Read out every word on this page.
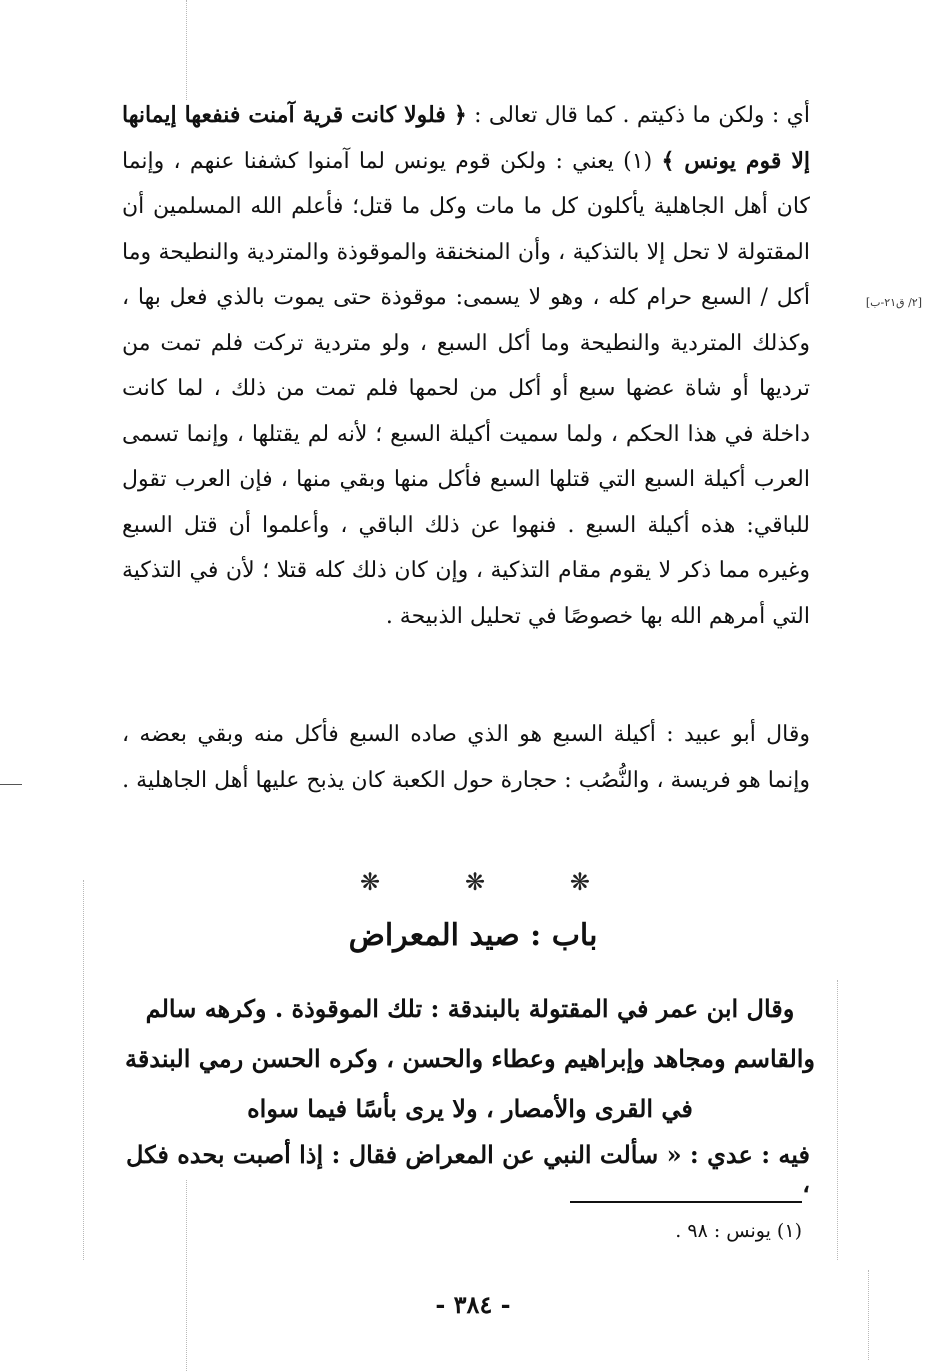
أي : ولكن ما ذكيتم . كما قال تعالى : ﴿ فلولا كانت قرية آمنت فنفعها إيمانها إلا قوم يونس ﴾ (١) يعني : ولكن قوم يونس لما آمنوا كشفنا عنهم ، وإنما كان أهل الجاهلية يأكلون كل ما مات وكل ما قتل؛ فأعلم الله المسلمين أن المقتولة لا تحل إلا بالتذكية ، وأن المنخنقة والموقوذة والمتردية والنطيحة وما أكل / السبع حرام كله ، وهو لا يسمى: موقوذة حتى يموت بالذي فعل بها ، وكذلك المتردية والنطيحة وما أكل السبع ، ولو متردية تركت فلم تمت من ترديها أو شاة عضها سبع أو أكل من لحمها فلم تمت من ذلك ، لما كانت داخلة في هذا الحكم ، ولما سميت أكيلة السبع ؛ لأنه لم يقتلها ، وإنما تسمى العرب أكيلة السبع التي قتلها السبع فأكل منها وبقي منها ، فإن العرب تقول للباقي: هذه أكيلة السبع . فنهوا عن ذلك الباقي ، وأعلموا أن قتل السبع وغيره مما ذكر لا يقوم مقام التذكية ، وإن كان ذلك كله قتلا ؛ لأن في التذكية التي أمرهم الله بها خصوصًا في تحليل الذبيحة .

[٢/ ق٢١-ب]

وقال أبو عبيد : أكيلة السبع هو الذي صاده السبع فأكل منه وبقي بعضه ، وإنما هو فريسة ، والنُّصُب : حجارة حول الكعبة كان يذبح عليها أهل الجاهلية .

❋	❋	❋
باب : صيد المعراض

وقال ابن عمر في المقتولة بالبندقة : تلك الموقوذة . وكرهه سالم والقاسم ومجاهد وإبراهيم وعطاء والحسن ، وكره الحسن رمي البندقة في القرى والأمصار ، ولا يرى بأسًا فيما سواه

فيه : عدي : « سألت النبي عن المعراض فقال : إذا أصبت بحده فكل ،
(١) يونس : ٩٨ .
- ٣٨٤ -
